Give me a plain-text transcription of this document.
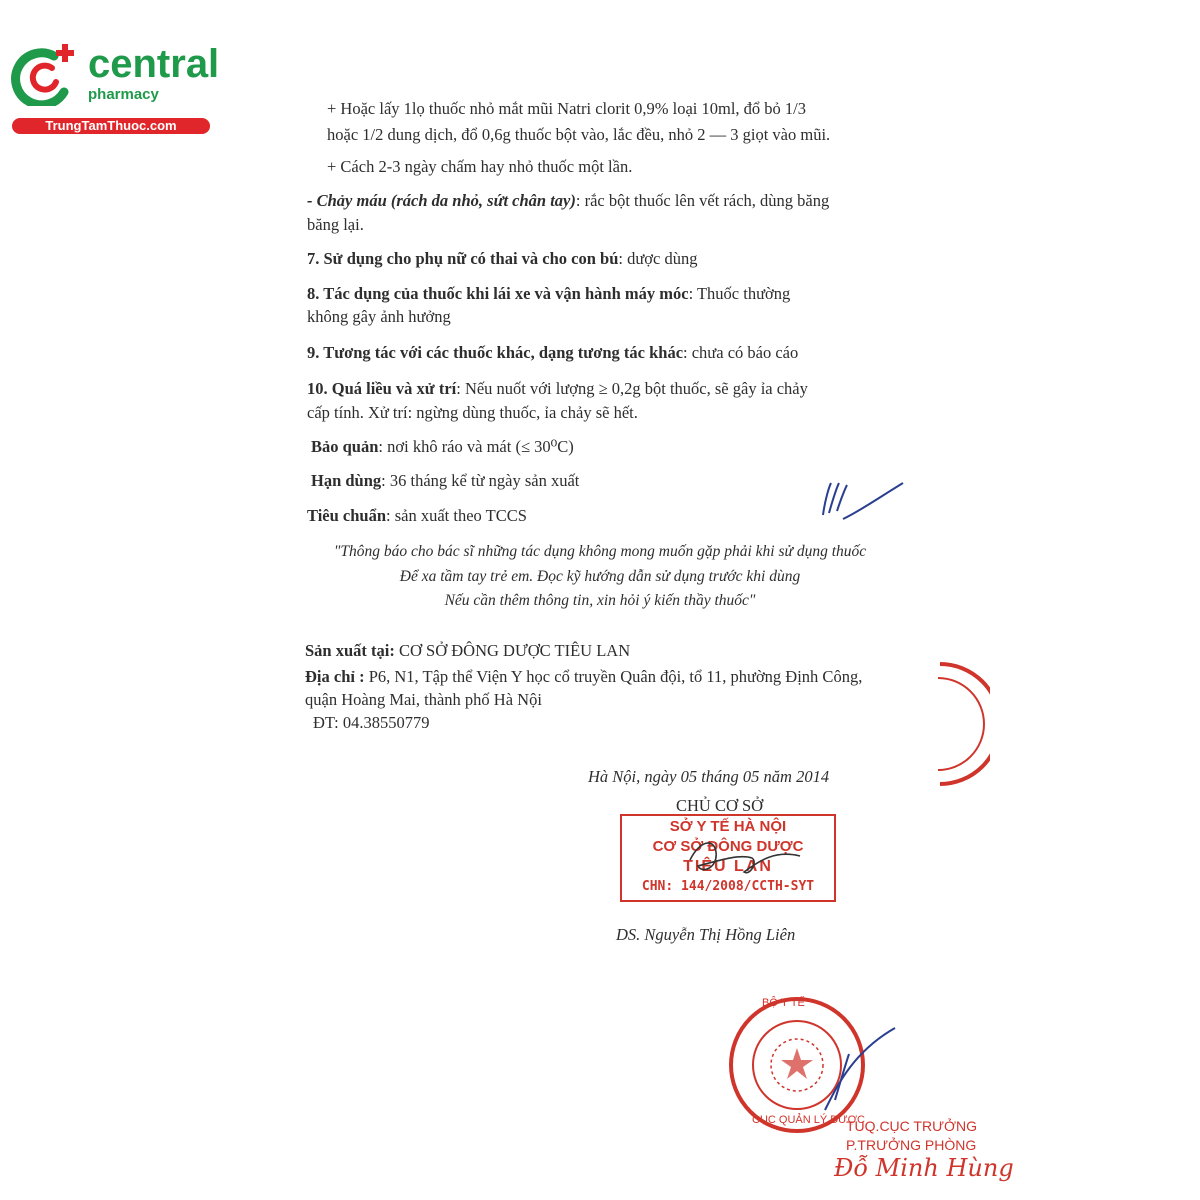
central
pharmacy
TrungTamThuoc.com
+ Hoặc lấy 1lọ thuốc nhỏ mắt mũi Natri clorit 0,9% loại 10ml, đổ bỏ 1/3
hoặc 1/2 dung dịch, đổ 0,6g thuốc bột vào, lắc đều, nhỏ 2 — 3 giọt vào mũi.
+ Cách 2-3 ngày chấm hay nhỏ thuốc một lần.
- Chảy máu (rách da nhỏ, sứt chân tay): rắc bột thuốc lên vết rách, dùng băng
băng lại.
7. Sử dụng cho phụ nữ có thai và cho con bú: dược dùng
8. Tác dụng của thuốc khi lái xe và vận hành máy móc: Thuốc thường
không gây ảnh hưởng
9. Tương tác với các thuốc khác, dạng tương tác khác: chưa có báo cáo
10. Quá liều và xử trí: Nếu nuốt với lượng ≥ 0,2g bột thuốc, sẽ gây ỉa chảy
cấp tính. Xử trí: ngừng dùng thuốc, ỉa chảy sẽ hết.
Bảo quản: nơi khô ráo và mát (≤ 30⁰C)
Hạn dùng: 36 tháng kể từ ngày sản xuất
Tiêu chuẩn: sản xuất theo TCCS
"Thông báo cho bác sĩ những tác dụng không mong muốn gặp phải khi sử dụng thuốc
Để xa tầm tay trẻ em. Đọc kỹ hướng dẫn sử dụng trước khi dùng
Nếu cần thêm thông tin, xin hỏi ý kiến thầy thuốc"
Sản xuất tại: CƠ SỞ ĐÔNG DƯỢC TIÊU LAN
Địa chỉ : P6, N1, Tập thể Viện Y học cổ truyền Quân đội, tổ 11, phường Định Công,
quận Hoàng Mai, thành phố Hà Nội
ĐT: 04.38550779
Hà Nội, ngày 05 tháng 05 năm 2014
CHỦ CƠ SỞ
SỞ Y TẾ HÀ NỘI
CƠ SỞ ĐÔNG DƯỢC
TIÊU LAN
CHN: 144/2008/CCTH-SYT
DS. Nguyễn Thị Hồng Liên
BỘ Y TẾ
CỤC QUẢN LÝ DƯỢC
TUQ.CỤC TRƯỞNG
P.TRƯỞNG PHÒNG
Đỗ Minh Hùng
